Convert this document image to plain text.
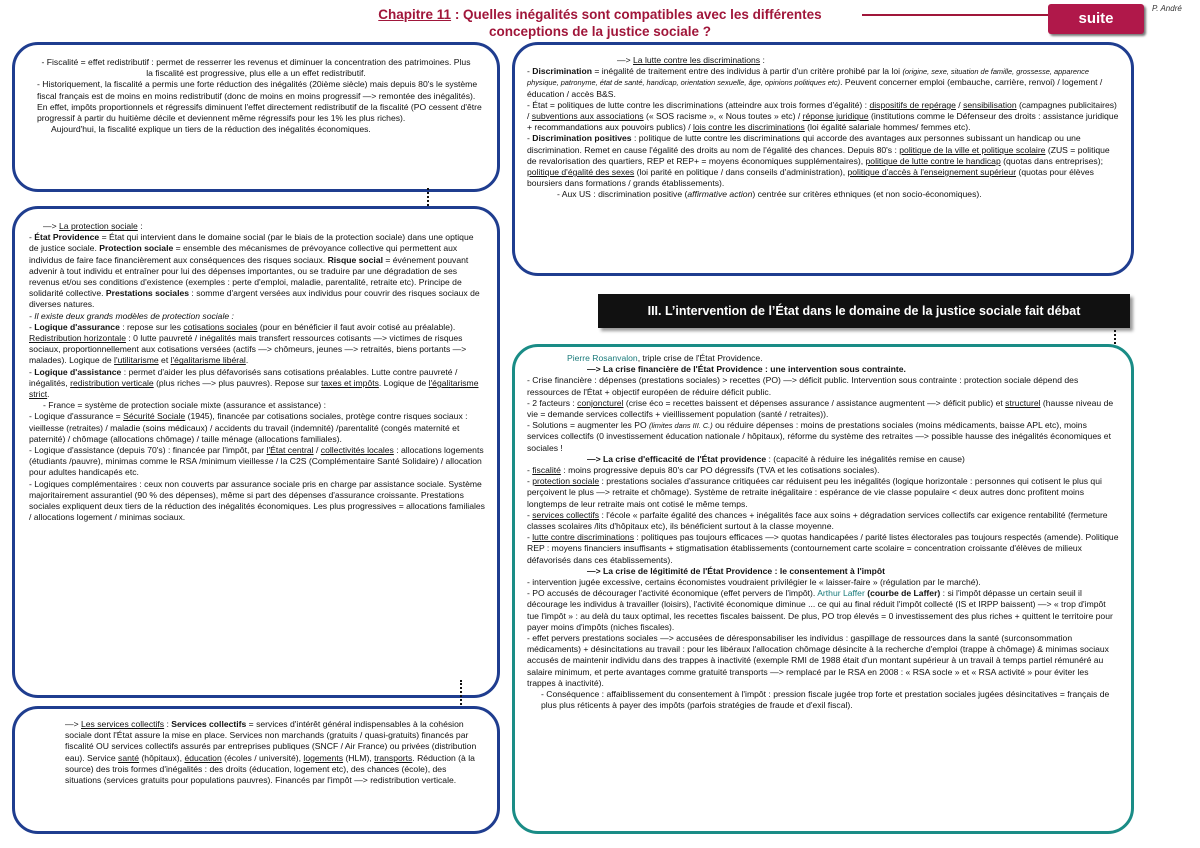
Chapitre 11 : Quelles inégalités sont compatibles avec les différentes
conceptions de la justice sociale ?
suite
P. André

- Fiscalité = effet redistributif : permet de resserrer les revenus et diminuer la concentration des patrimoines. Plus la fiscalité est progressive, plus elle a un effet redistributif.

- Historiquement, la fiscalité a permis une forte réduction des inégalités (20ième siècle) mais depuis 80's le système fiscal français est de moins en moins redistributif (donc de moins en moins progressif —> remontée des inégalités). En effet, impôts proportionnels et régressifs diminuent l'effet directement redistributif de la fiscalité (PO cessent d'être progressif à partir du huitième décile et deviennent même régressifs pour les 1% les plus riches).

Aujourd'hui, la fiscalité explique un tiers de la réduction des inégalités économiques.

—> La protection sociale :

- État Providence = État qui intervient dans le domaine social (par le biais de la protection sociale) dans une optique de justice sociale. Protection sociale = ensemble des mécanismes de prévoyance collective qui permettent aux individus de faire face financièrement aux conséquences des risques sociaux. Risque social = événement pouvant advenir à tout individu et entraîner pour lui des dépenses importantes, ou se traduire par une dégradation de ses revenus et/ou ses conditions d'existence (exemples : perte d'emploi, maladie, parentalité, retraite etc). Principe de solidarité collective. Prestations sociales : somme d'argent versées aux individus pour couvrir des risques sociaux de diverses natures.

- Il existe deux grands modèles de protection sociale :

- Logique d'assurance : repose sur les cotisations sociales (pour en bénéficier il faut avoir cotisé au préalable). Redistribution horizontale : 0 lutte pauvreté / inégalités mais transfert ressources cotisants —> victimes de risques sociaux, proportionnellement aux cotisations versées (actifs —> chômeurs, jeunes —> retraités, biens portants —> malades). Logique de l'utilitarisme et l'égalitarisme libéral.

- Logique d'assistance : permet d'aider les plus défavorisés sans cotisations préalables. Lutte contre pauvreté / inégalités, redistribution verticale (plus riches —> plus pauvres). Repose sur taxes et impôts. Logique de l'égalitarisme strict.

- France = système de protection sociale mixte (assurance et assistance) :

- Logique d'assurance = Sécurité Sociale (1945), financée par cotisations sociales, protège contre risques sociaux : vieillesse (retraites) / maladie (soins médicaux) / accidents du travail (indemnité) /parentalité (congés maternité et paternité) / chômage (allocations chômage) / taille ménage (allocations familiales).

- Logique d'assistance (depuis 70's) : financée par l'impôt, par l'État central / collectivités locales : allocations logements (étudiants /pauvre), minimas comme le RSA /minimum vieillesse / la C2S (Complémentaire Santé Solidaire) / allocation pour adultes handicapés etc.

- Logiques complémentaires : ceux non couverts par assurance sociale pris en charge par assistance sociale. Système majoritairement assurantiel (90 % des dépenses), même si part des dépenses d'assurance croissante. Prestations sociales expliquent deux tiers de la réduction des inégalités économiques. Les plus progressives = allocations familiales / allocations logement / minimas sociaux.

—> Les services collectifs : Services collectifs = services d'intérêt général indispensables à la cohésion sociale dont l'État assure la mise en place. Services non marchands (gratuits / quasi-gratuits) financés par fiscalité OU services collectifs assurés par entreprises publiques (SNCF / Air France) ou privées (distribution eau). Service santé (hôpitaux), éducation (écoles / université), logements (HLM), transports. Réduction (à la source) des trois formes d'inégalités : des droits (éducation, logement etc), des chances (école), des situations (services gratuits pour populations pauvres). Financés par l'impôt —> redistribution verticale.

—> La lutte contre les discriminations :

- Discrimination = inégalité de traitement entre des individus à partir d'un critère prohibé par la loi (origine, sexe, situation de famille, grossesse, apparence physique, patronyme, état de santé, handicap, orientation sexuelle, âge, opinions politiques etc). Peuvent concerner emploi (embauche, carrière, renvoi) / logement /éducation / accès B&S.

- État = politiques de lutte contre les discriminations (atteindre aux trois formes d'égalité) : dispositifs de repérage / sensibilisation (campagnes publicitaires) / subventions aux associations (« SOS racisme », « Nous toutes » etc) / réponse juridique (institutions comme le Défenseur des droits : assistance juridique + recommandations aux pouvoirs publics) / lois contre les discriminations (loi égalité salariale hommes/ femmes etc).

- Discrimination positives : politique de lutte contre les discriminations qui accorde des avantages aux personnes subissant un handicap ou une discrimination. Remet en cause l'égalité des droits au nom de l'égalité des chances. Depuis 80's : politique de la ville et politique scolaire (ZUS = politique de revalorisation des quartiers, REP et REP+ = moyens économiques supplémentaires), politique de lutte contre le handicap (quotas dans entreprises); politique d'égalité des sexes (loi parité en politique / dans conseils d'administration), politique d'accès à l'enseignement supérieur (quotas pour élèves boursiers dans formations / grands établissements).

- Aux US : discrimination positive (affirmative action) centrée sur critères ethniques (et non socio-économiques).

III. L’intervention de l’État dans le domaine de la justice sociale fait débat

Pierre Rosanvalon, triple crise de l'État Providence.

—> La crise financière de l'État Providence : une intervention sous contrainte.

- Crise financière : dépenses (prestations sociales) > recettes (PO) —> déficit public. Intervention sous contrainte : protection sociale dépend des ressources de l'État + objectif européen de réduire déficit public.

- 2 facteurs : conjoncturel (crise éco = recettes baissent et dépenses assurance / assistance augmentent —> déficit public) et structurel (hausse niveau de vie = demande services collectifs + vieillissement population (santé / retraites)).

- Solutions = augmenter les PO (limites dans III. C.) ou réduire dépenses : moins de prestations sociales (moins médicaments, baisse APL etc), moins services collectifs (0 investissement éducation nationale / hôpitaux), réforme du système des retraites —> possible hausse des inégalités économiques et sociales !

—> La crise d'efficacité de l'État providence : (capacité à réduire les inégalités remise en cause)

- fiscalité : moins progressive depuis 80's car PO dégressifs (TVA et les cotisations sociales).

- protection sociale : prestations sociales d'assurance critiquées car réduisent peu les inégalités (logique horizontale : personnes qui cotisent le plus qui perçoivent le plus —> retraite et chômage). Système de retraite inégalitaire : espérance de vie classe populaire < deux autres donc profitent moins longtemps de leur retraite mais ont cotisé le même temps.

- services collectifs : l'école « parfaite égalité des chances + inégalités face aux soins + dégradation services collectifs car exigence rentabilité (fermeture classes scolaires /lits d'hôpitaux etc), ils bénéficient surtout à la classe moyenne.

- lutte contre discriminations : politiques pas toujours efficaces —> quotas handicapées / parité listes électorales pas toujours respectés (amende). Politique REP : moyens financiers insuffisants + stigmatisation établissements (contournement carte scolaire = concentration croissante d'élèves de milieux défavorisés dans ces établissements).

—> La crise de légitimité de l'État Providence : le consentement à l'impôt

- intervention jugée excessive, certains économistes voudraient privilégier le « laisser-faire » (régulation par le marché).

- PO accusés de décourager l'activité économique (effet pervers de l'impôt). Arthur Laffer (courbe de Laffer) : si l'impôt dépasse un certain seuil il décourage les individus à travailler (loisirs), l'activité économique diminue ... ce qui au final réduit l'impôt collecté (IS et IRPP baissent) —> « trop d'impôt tue l'impôt » : au delà du taux optimal, les recettes fiscales baissent. De plus, PO trop élevés = 0 investissement des plus riches + quittent le territoire pour payer moins d'impôts (niches fiscales).

- effet pervers prestations sociales —> accusées de déresponsabiliser les individus : gaspillage de ressources dans la santé (surconsommation médicaments) + désincitations au travail : pour les libéraux l'allocation chômage désincite à la recherche d'emploi (trappe à chômage) & minimas sociaux accusés de maintenir individu dans des trappes à inactivité (exemple RMI de 1988 était d'un montant supérieur à un travail à temps partiel rémunéré au salaire minimum, et perte avantages comme gratuité transports —> remplacé par le RSA en 2008 : « RSA socle » et « RSA activité » pour éviter les trappes à inactivité).

- Conséquence : affaiblissement du consentement à l'impôt : pression fiscale jugée trop forte et prestation sociales jugées désincitatives = français de plus plus réticents à payer des impôts (parfois stratégies de fraude et d'exil fiscal).
